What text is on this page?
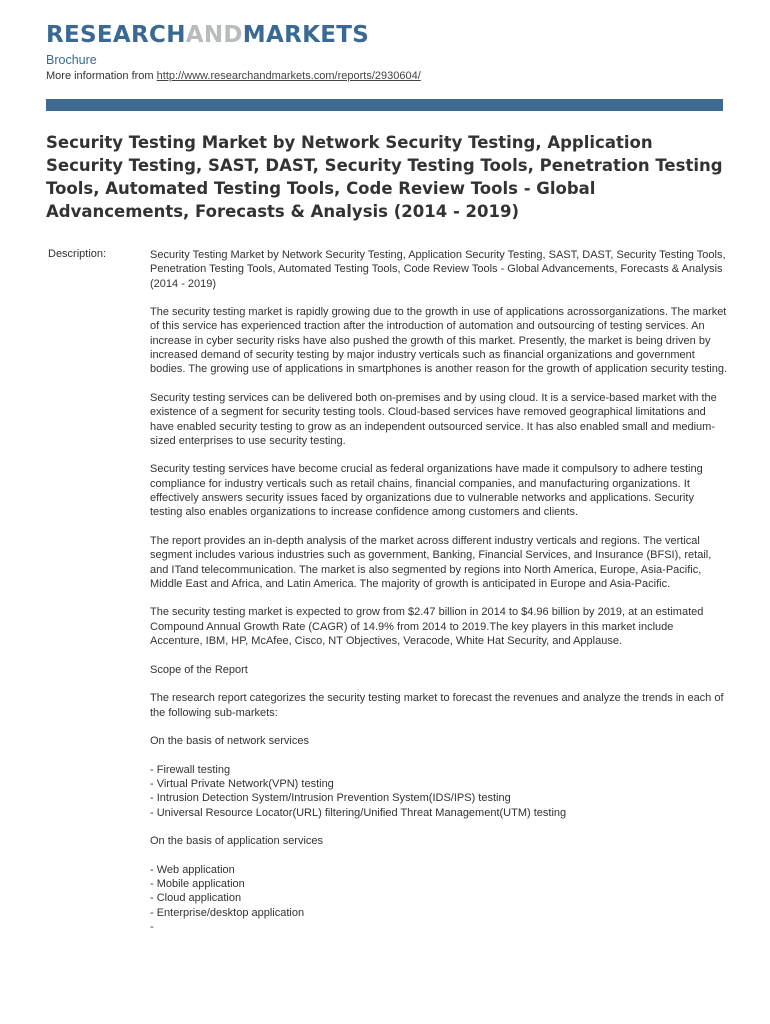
RESEARCHANDMARKETS
Brochure
More information from http://www.researchandmarkets.com/reports/2930604/
Security Testing Market by Network Security Testing, Application Security Testing, SAST, DAST, Security Testing Tools, Penetration Testing Tools, Automated Testing Tools, Code Review Tools - Global Advancements, Forecasts & Analysis (2014 - 2019)
Description:	Security Testing Market by Network Security Testing, Application Security Testing, SAST, DAST, Security Testing Tools, Penetration Testing Tools, Automated Testing Tools, Code Review Tools - Global Advancements, Forecasts & Analysis (2014 - 2019)

The security testing market is rapidly growing due to the growth in use of applications acrossorganizations. The market of this service has experienced traction after the introduction of automation and outsourcing of testing services. An increase in cyber security risks have also pushed the growth of this market. Presently, the market is being driven by increased demand of security testing by major industry verticals such as financial organizations and government bodies. The growing use of applications in smartphones is another reason for the growth of application security testing.

Security testing services can be delivered both on-premises and by using cloud. It is a service-based market with the existence of a segment for security testing tools. Cloud-based services have removed geographical limitations and have enabled security testing to grow as an independent outsourced service. It has also enabled small and medium-sized enterprises to use security testing.

Security testing services have become crucial as federal organizations have made it compulsory to adhere testing compliance for industry verticals such as retail chains, financial companies, and manufacturing organizations. It effectively answers security issues faced by organizations due to vulnerable networks and applications. Security testing also enables organizations to increase confidence among customers and clients.

The report provides an in-depth analysis of the market across different industry verticals and regions. The vertical segment includes various industries such as government, Banking, Financial Services, and Insurance (BFSI), retail, and ITand telecommunication. The market is also segmented by regions into North America, Europe, Asia-Pacific, Middle East and Africa, and Latin America. The majority of growth is anticipated in Europe and Asia-Pacific.

The security testing market is expected to grow from $2.47 billion in 2014 to $4.96 billion by 2019, at an estimated Compound Annual Growth Rate (CAGR) of 14.9% from 2014 to 2019.The key players in this market include Accenture, IBM, HP, McAfee, Cisco, NT Objectives, Veracode, White Hat Security, and Applause.

Scope of the Report

The research report categorizes the security testing market to forecast the revenues and analyze the trends in each of the following sub-markets:

On the basis of network services

- Firewall testing
- Virtual Private Network(VPN) testing
- Intrusion Detection System/Intrusion Prevention System(IDS/IPS) testing
- Universal Resource Locator(URL) filtering/Unified Threat Management(UTM) testing

On the basis of application services

- Web application
- Mobile application
- Cloud application
- Enterprise/desktop application
-
